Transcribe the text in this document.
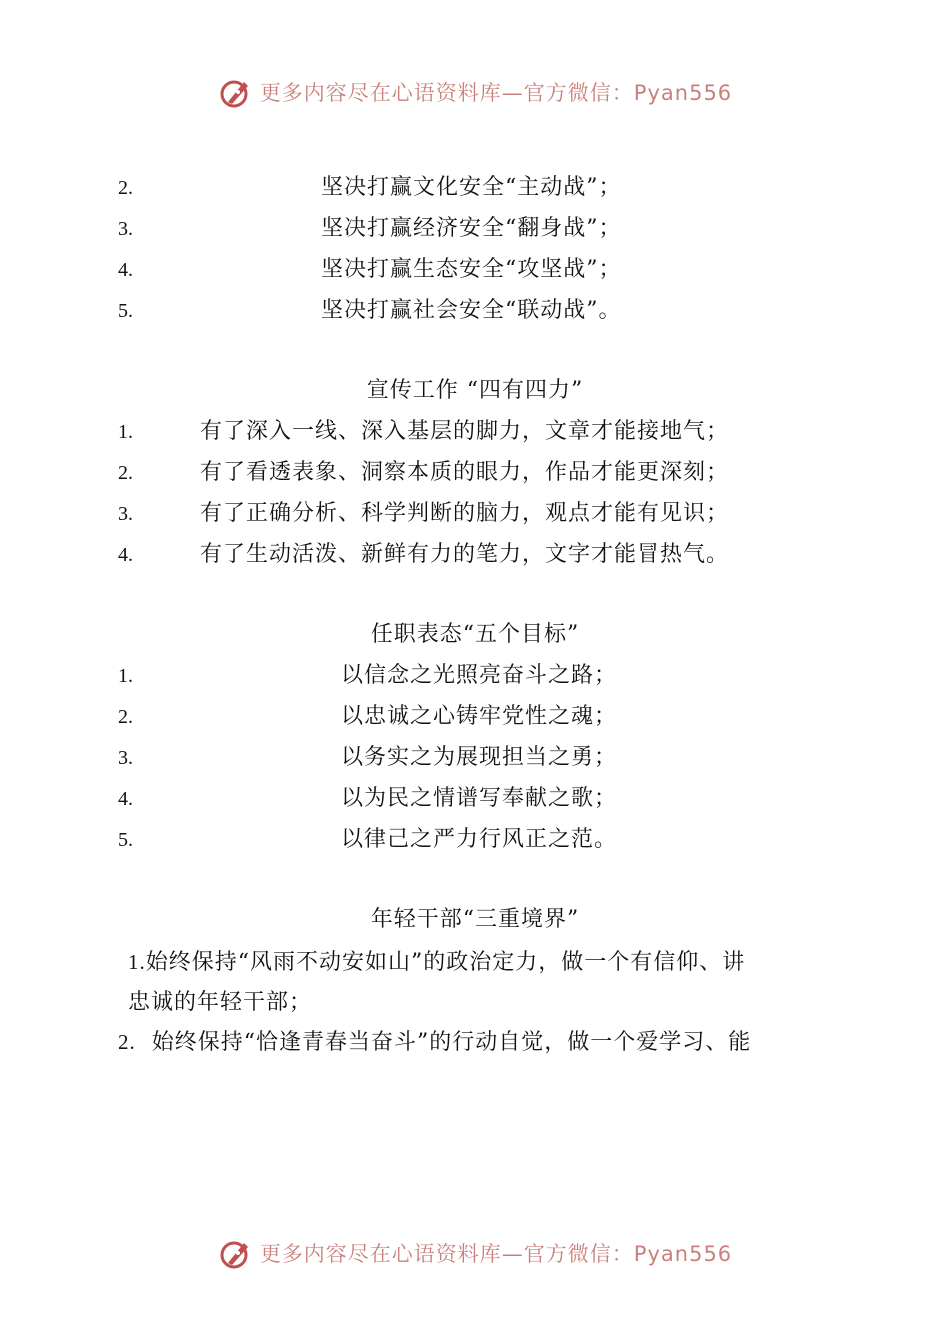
更多内容尽在心语资料库—官方微信：Pyan556
2.	坚决打赢文化安全“主动战”；
3.	坚决打赢经济安全“翻身战”；
4.	坚决打赢生态安全“攻坚战”；
5.	坚决打赢社会安全“联动战”。
宣传工作 “四有四力”
1.	有了深入一线、深入基层的脚力，文章才能接地气；
2.	有了看透表象、洞察本质的眼力，作品才能更深刻；
3.	有了正确分析、科学判断的脑力，观点才能有见识；
4.	有了生动活泼、新鲜有力的笔力，文字才能冒热气。
任职表态“五个目标”
1.	以信念之光照亮奋斗之路；
2.	以忠诚之心铸牢党性之魂；
3.	以务实之为展现担当之勇；
4.	以为民之情谱写奉献之歌；
5.	以律己之严力行风正之范。
年轻干部“三重境界”
1.始终保持“风雨不动安如山”的政治定力，做一个有信仰、讲
忠诚的年轻干部；
2. 始终保持“恰逢青春当奋斗”的行动自觉，做一个爱学习、能
更多内容尽在心语资料库—官方微信：Pyan556
